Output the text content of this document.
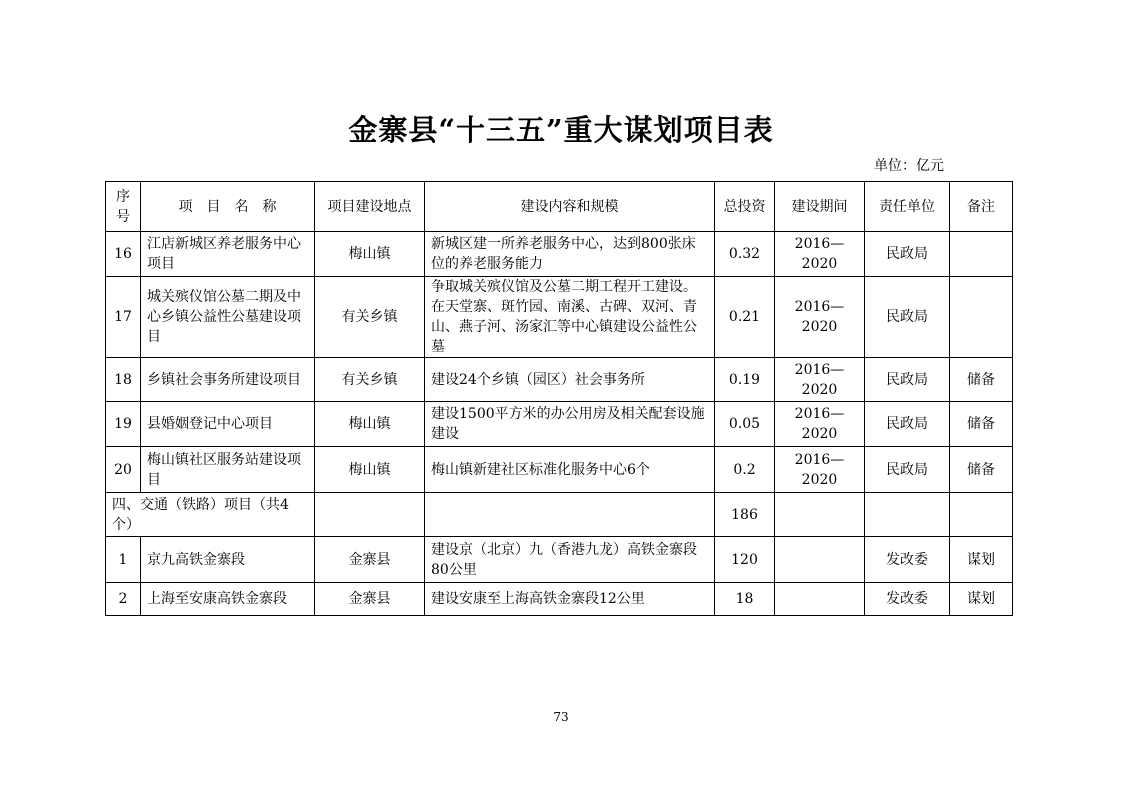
金寨县“十三五”重大谋划项目表
单位：亿元
序号	项　目　名　称	项目建设地点	建设内容和规模	总投资	建设期间	责任单位	备注
16	江店新城区养老服务中心项目	梅山镇	新城区建一所养老服务中心，达到800张床位的养老服务能力	0.32	2016—2020	民政局	
17	城关殡仪馆公墓二期及中心乡镇公益性公墓建设项目	有关乡镇	争取城关殡仪馆及公墓二期工程开工建设。在天堂寨、斑竹园、南溪、古碑、双河、青山、燕子河、汤家汇等中心镇建设公益性公墓	0.21	2016—2020	民政局	
18	乡镇社会事务所建设项目	有关乡镇	建设24个乡镇（园区）社会事务所	0.19	2016—2020	民政局	储备
19	县婚姻登记中心项目	梅山镇	建设1500平方米的办公用房及相关配套设施建设	0.05	2016—2020	民政局	储备
20	梅山镇社区服务站建设项目	梅山镇	梅山镇新建社区标准化服务中心6个	0.2	2016—2020	民政局	储备
四、交通（铁路）项目（共4个）				186			
1	京九高铁金寨段	金寨县	建设京（北京）九（香港九龙）高铁金寨段80公里	120		发改委	谋划
2	上海至安康高铁金寨段	金寨县	建设安康至上海高铁金寨段12公里	18		发改委	谋划
73
